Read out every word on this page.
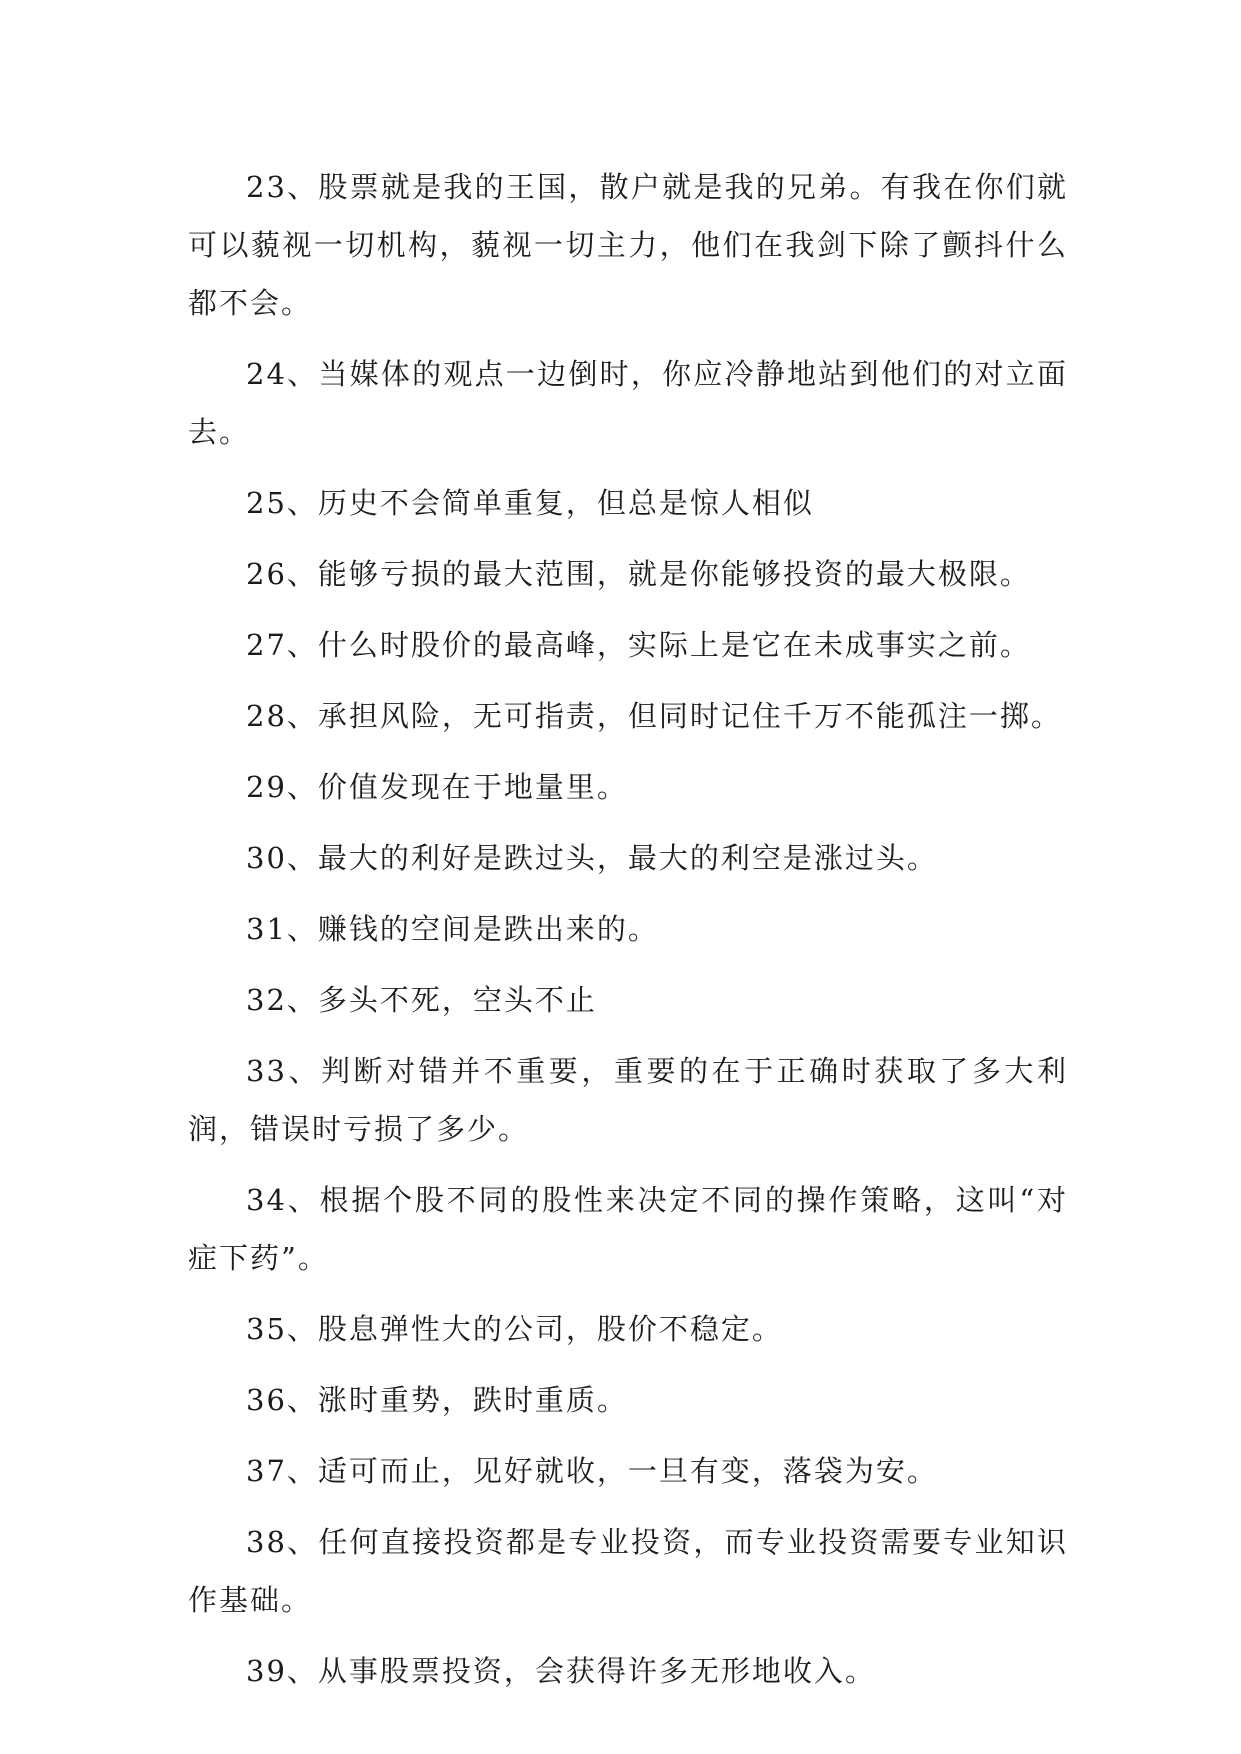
23、股票就是我的王国，散户就是我的兄弟。有我在你们就可以藐视一切机构，藐视一切主力，他们在我剑下除了颤抖什么都不会。

24、当媒体的观点一边倒时，你应冷静地站到他们的对立面去。

25、历史不会简单重复，但总是惊人相似

26、能够亏损的最大范围，就是你能够投资的最大极限。

27、什么时股价的最高峰，实际上是它在未成事实之前。

28、承担风险，无可指责，但同时记住千万不能孤注一掷。

29、价值发现在于地量里。

30、最大的利好是跌过头，最大的利空是涨过头。

31、赚钱的空间是跌出来的。

32、多头不死，空头不止

33、判断对错并不重要，重要的在于正确时获取了多大利润，错误时亏损了多少。

34、根据个股不同的股性来决定不同的操作策略，这叫“对症下药”。

35、股息弹性大的公司，股价不稳定。

36、涨时重势，跌时重质。

37、适可而止，见好就收，一旦有变，落袋为安。

38、任何直接投资都是专业投资，而专业投资需要专业知识作基础。

39、从事股票投资，会获得许多无形地收入。
